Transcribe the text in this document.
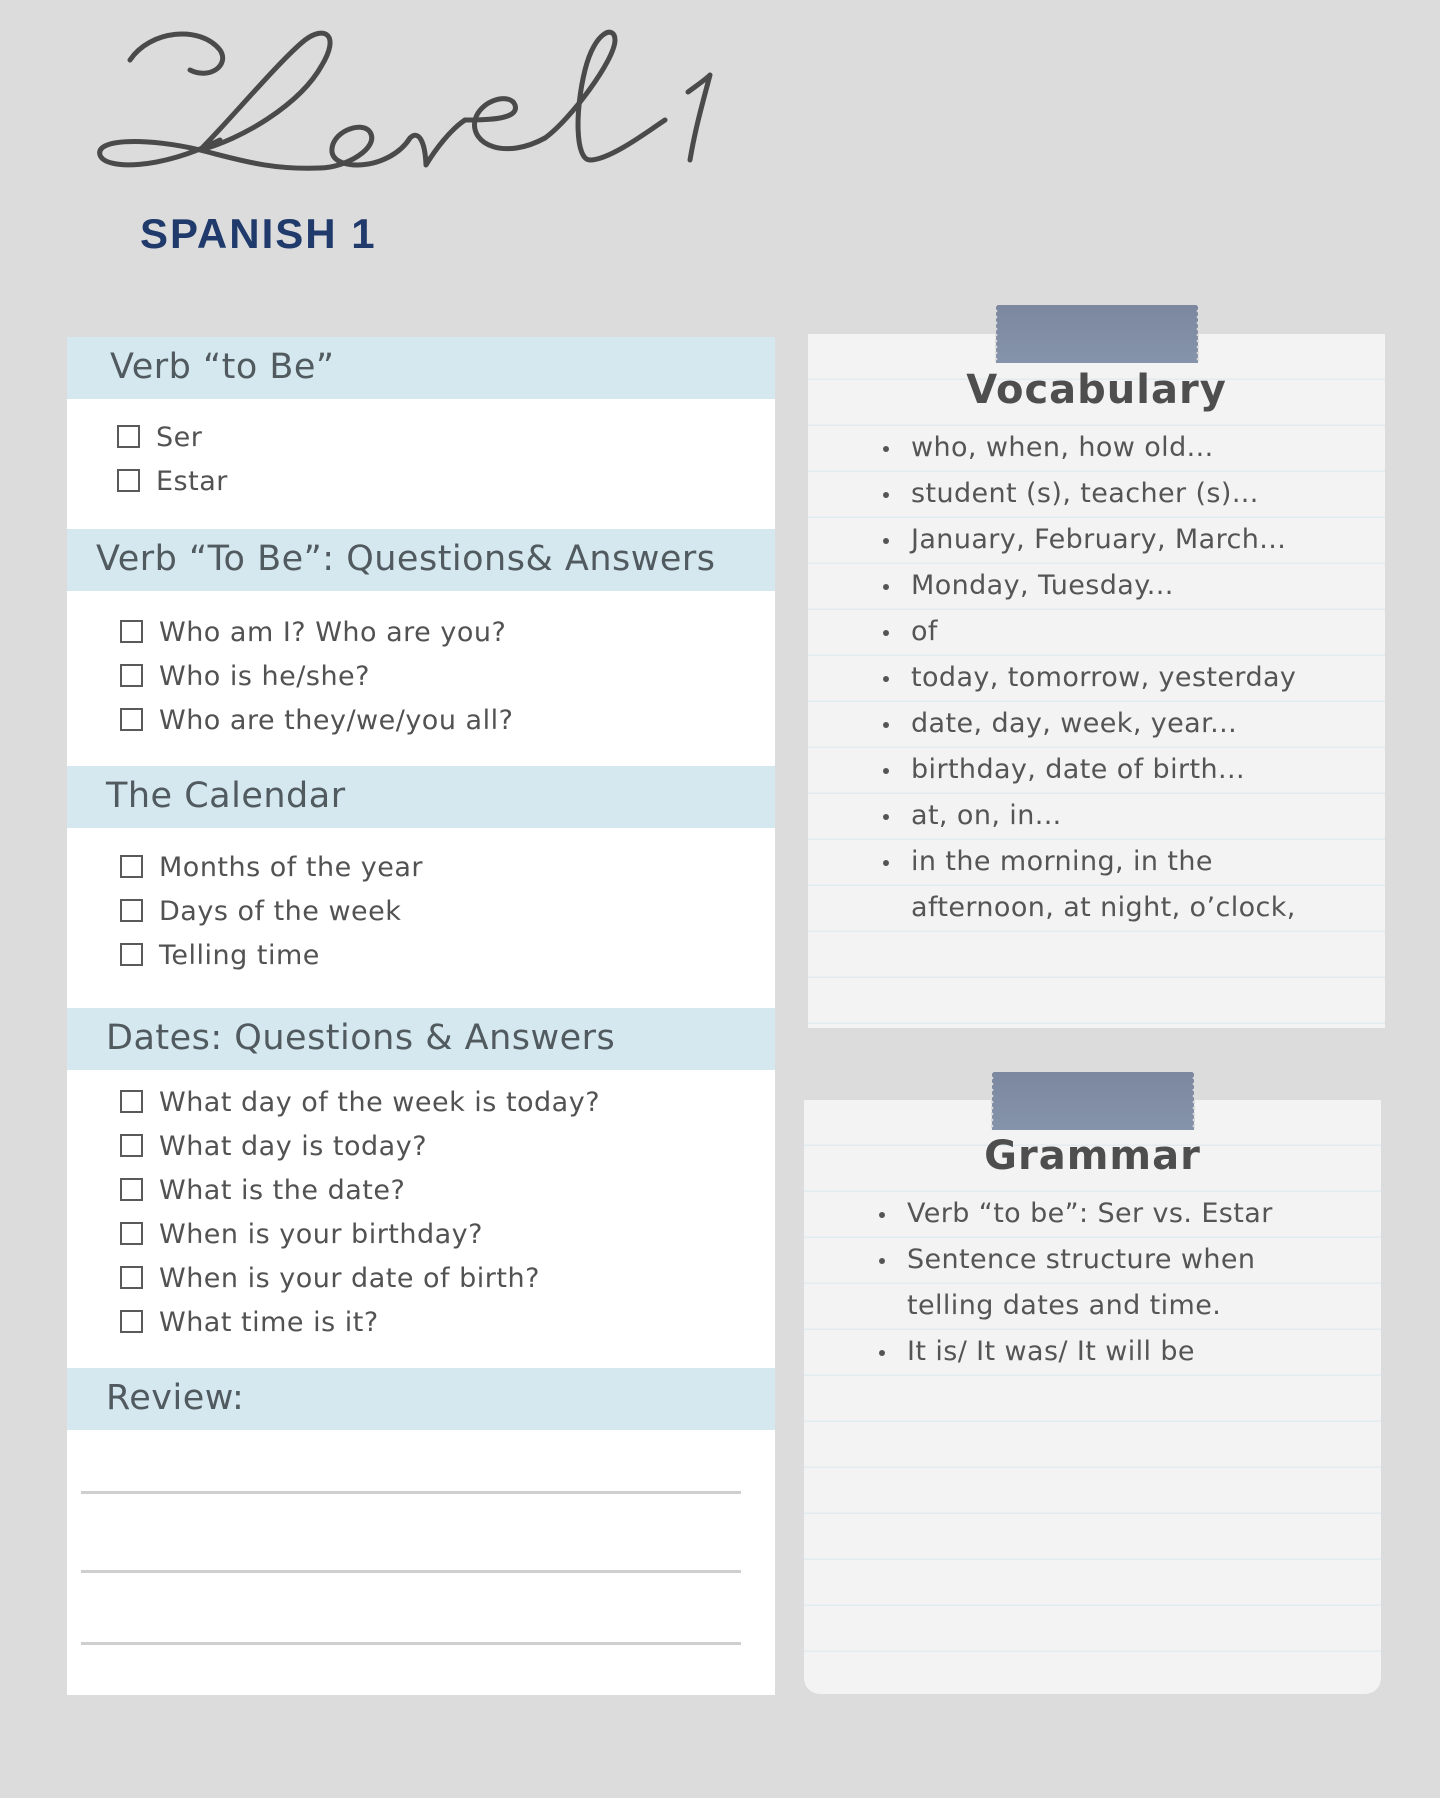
SPANISH 1
Verb “to Be”
Ser
Estar
Verb “To Be”: Questions& Answers
Who am I? Who are you?
Who is he/she?
Who are they/we/you all?
The Calendar
Months of the year
Days of the week
Telling time
Dates: Questions & Answers
What day of the week is today?
What day is today?
What is the date?
When is your birthday?
When is your date of birth?
What time is it?
Review:
Vocabulary
who, when, how old...
student (s), teacher (s)...
January, February, March...
Monday, Tuesday...
of
today, tomorrow, yesterday
date, day, week, year...
birthday, date of birth...
at, on, in...
in the morning, in the afternoon, at night, o’clock,
Grammar
Verb “to be”: Ser vs. Estar
Sentence structure when telling dates and time.
It is/ It was/ It will be
